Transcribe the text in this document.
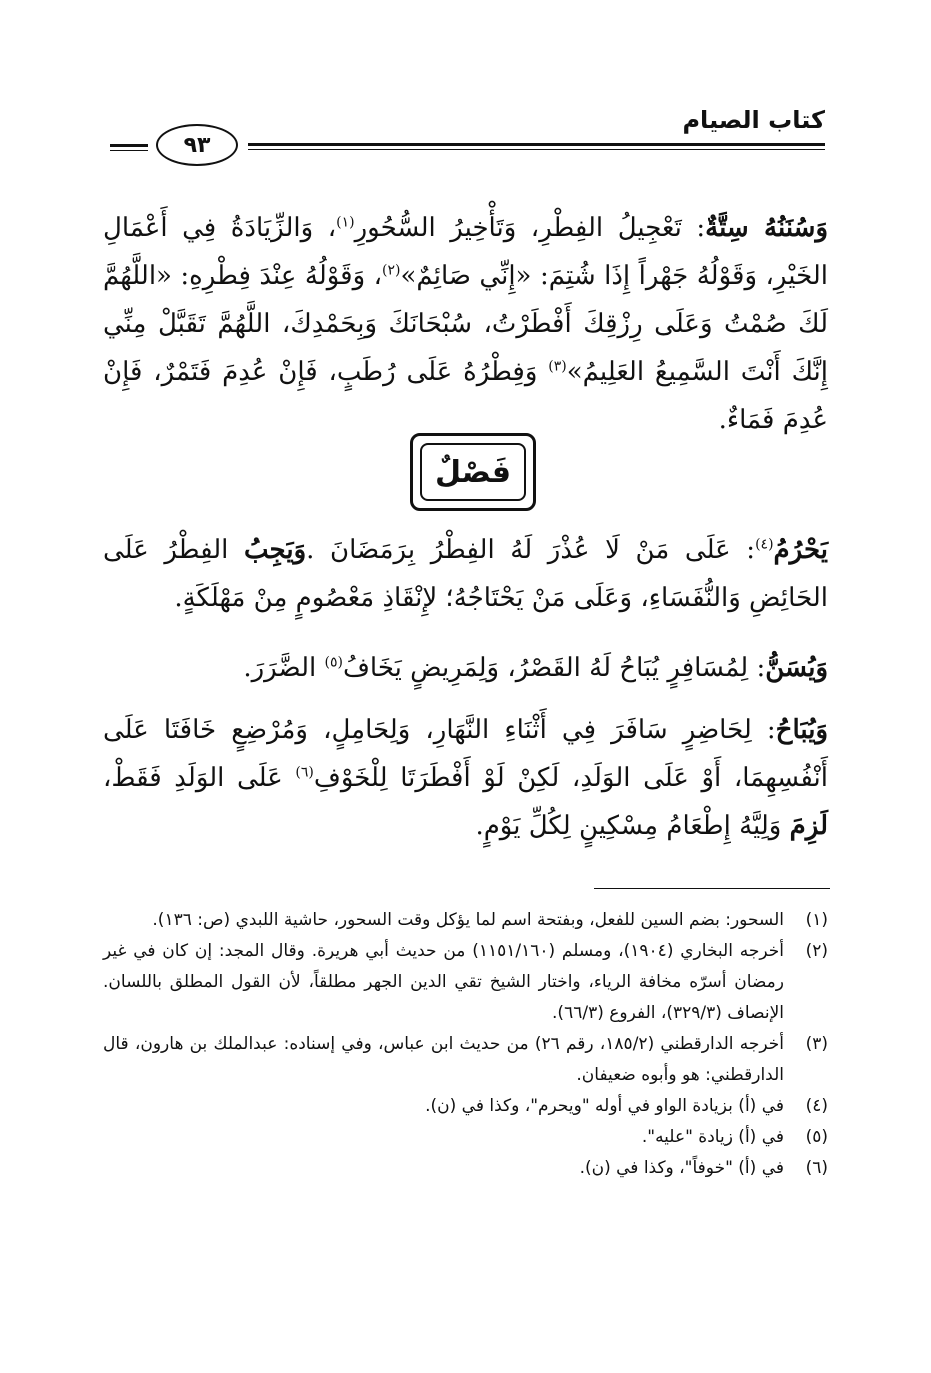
كتاب الصيام
٩٣

وَسُنَنُهُ سِتَّةٌ: تَعْجِيلُ الفِطْرِ، وَتَأْخِيرُ السُّحُورِ$^{(١)}$، وَالزِّيَادَةُ فِي أَعْمَالِ الخَيْرِ، وَقَوْلُهُ جَهْراً إِذَا شُتِمَ: «إِنِّي صَائِمٌ»$^{(٢)}$، وَقَوْلُهُ عِنْدَ فِطْرِهِ: «اللَّهُمَّ لَكَ صُمْتُ وَعَلَى رِزْقِكَ أَفْطَرْتُ، سُبْحَانَكَ وَبِحَمْدِكَ، اللَّهُمَّ تَقَبَّلْ مِنِّي إِنَّكَ أَنْتَ السَّمِيعُ العَلِيمُ»$^{(٣)}$ وَفِطْرُهُ عَلَى رُطَبٍ، فَإِنْ عُدِمَ فَتَمْرٌ، فَإِنْ عُدِمَ فَمَاءٌ.

فَصْلٌ

يَحْرُمُ$^{(٤)}$: عَلَى مَنْ لَا عُذْرَ لَهُ الفِطْرُ بِرَمَضَانَ .وَيَجِبُ الفِطْرُ عَلَى الحَائِضِ وَالنُّفَسَاءِ، وَعَلَى مَنْ يَحْتَاجُهُ؛ لإِنْقَاذِ مَعْصُومٍ مِنْ مَهْلَكَةٍ.

وَيُسَنُّ: لِمُسَافِرٍ يُبَاحُ لَهُ القَصْرُ، وَلِمَرِيضٍ يَخَافُ$^{(٥)}$ الضَّرَرَ.

وَيُبَاحُ: لِحَاضِرٍ سَافَرَ فِي أَثْنَاءِ النَّهَارِ، وَلِحَامِلٍ، وَمُرْضِعٍ خَافَتَا عَلَى أَنْفُسِهِمَا، أَوْ عَلَى الوَلَدِ، لَكِنْ لَوْ أَفْطَرَتَا لِلْخَوْفِ$^{(٦)}$ عَلَى الوَلَدِ فَقَطْ، لَزِمَ وَلِيَّهُ إِطْعَامُ مِسْكِينٍ لِكُلِّ يَوْمٍ.

(١)
السحور: بضم السين للفعل، وبفتحة اسم لما يؤكل وقت السحور، حاشية اللبدي (ص: ١٣٦).
(٢)
أخرجه البخاري (١٩٠٤)، ومسلم (١١٥١/١٦٠) من حديث أبي هريرة. وقال المجد: إن كان في غير رمضان أسرّه مخافة الرياء، واختار الشيخ تقي الدين الجهر مطلقاً، لأن القول المطلق باللسان. الإنصاف (٣٢٩/٣)، الفروع (٦٦/٣).
(٣)
أخرجه الدارقطني (١٨٥/٢، رقم ٢٦) من حديث ابن عباس، وفي إسناده: عبدالملك بن هارون، قال الدارقطني: هو وأبوه ضعيفان.
(٤)
في (أ) بزيادة الواو في أوله "ويحرم"، وكذا في (ن).
(٥)
في (أ) زيادة "عليه".
(٦)
في (أ) "خوفاً"، وكذا في (ن).
